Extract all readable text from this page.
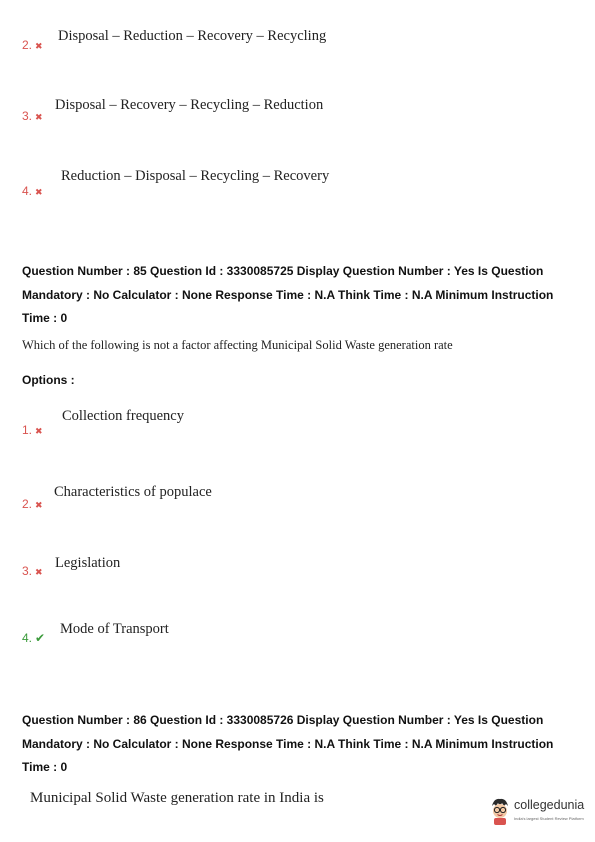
Disposal – Reduction – Recovery – Recycling
2. ✖
Disposal – Recovery – Recycling – Reduction
3. ✖
Reduction – Disposal – Recycling – Recovery
4. ✖
Question Number : 85 Question Id : 3330085725 Display Question Number : Yes Is Question
Mandatory : No Calculator : None Response Time : N.A Think Time : N.A Minimum Instruction
Time : 0
Which of the following is not a factor affecting Municipal Solid Waste generation rate
Options :
Collection frequency
1. ✖
Characteristics of populace
2. ✖
Legislation
3. ✖
Mode of Transport
4. ✔
Question Number : 86 Question Id : 3330085726 Display Question Number : Yes Is Question
Mandatory : No Calculator : None Response Time : N.A Think Time : N.A Minimum Instruction
Time : 0
Municipal Solid Waste generation rate in India is	collegedunia
India's largest Student Review Platform
